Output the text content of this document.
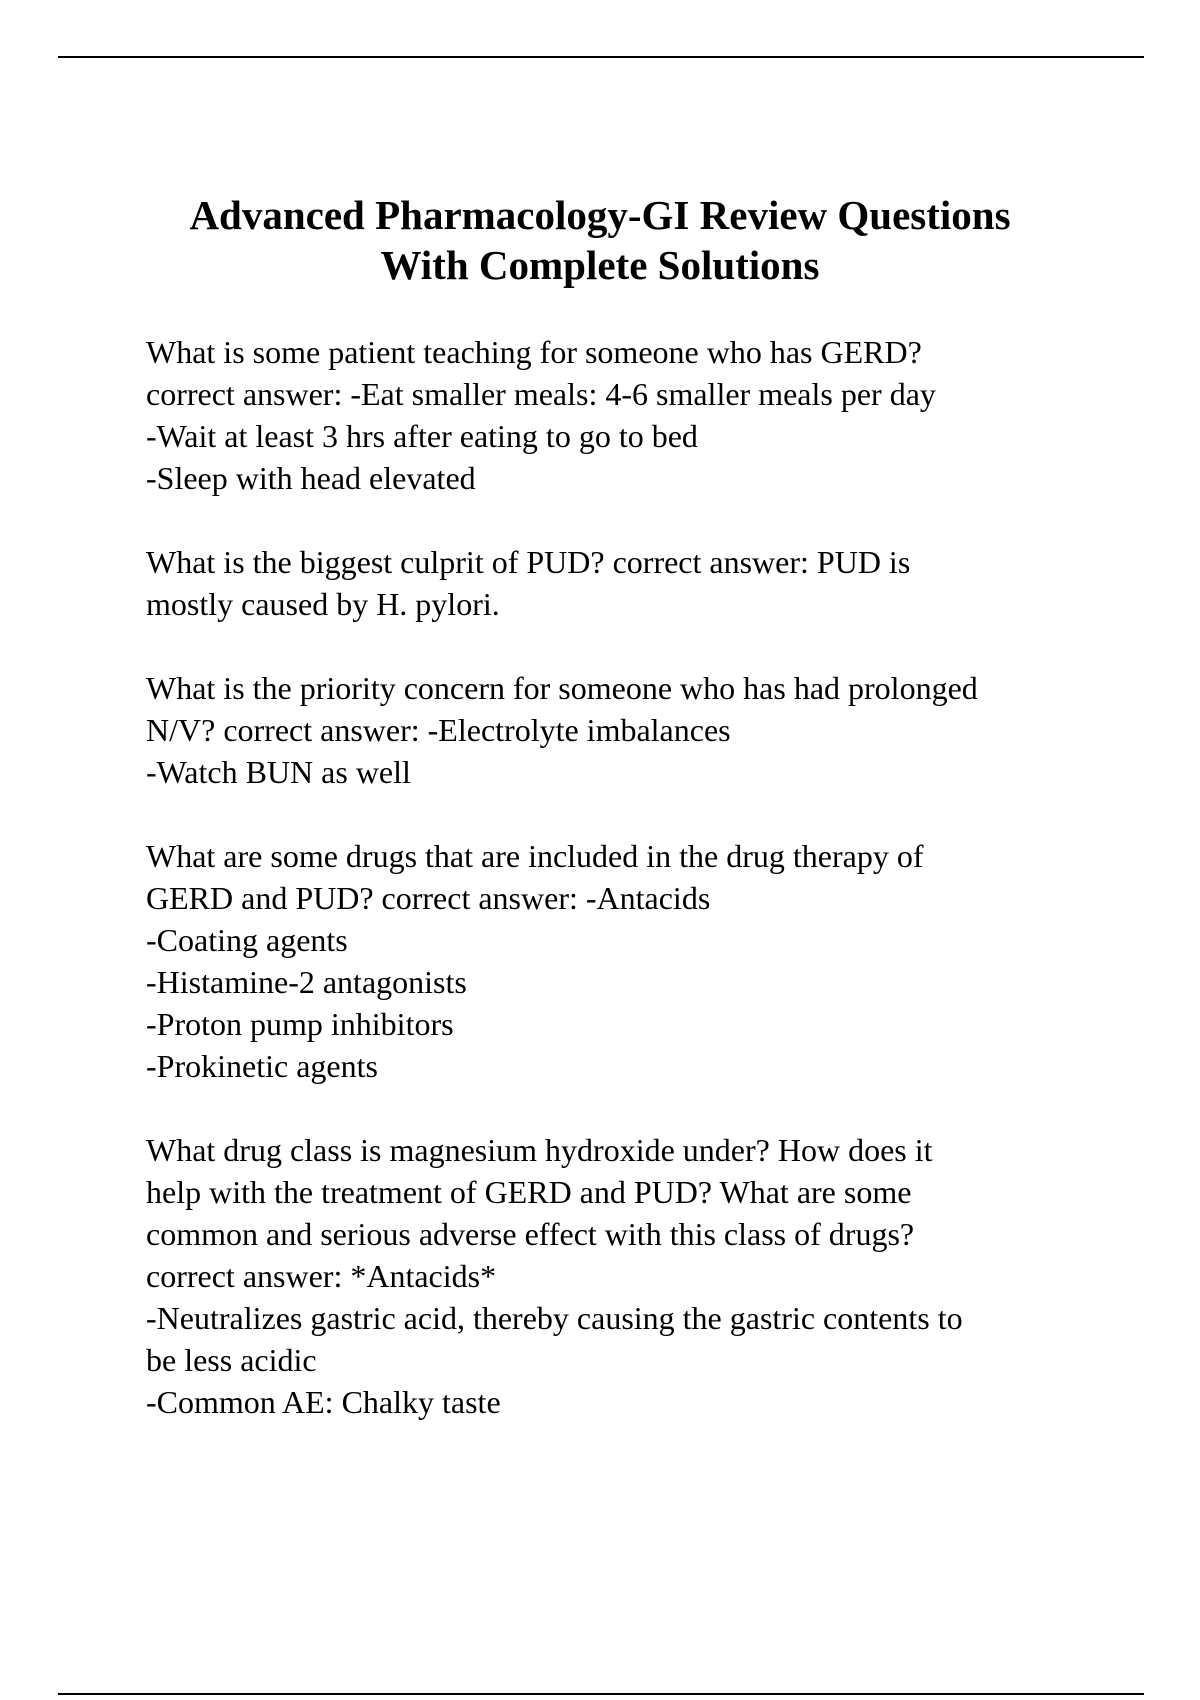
Advanced Pharmacology-GI Review Questions
With Complete Solutions

What is some patient teaching for someone who has GERD?
correct answer: -Eat smaller meals: 4-6 smaller meals per day
-Wait at least 3 hrs after eating to go to bed
-Sleep with head elevated

What is the biggest culprit of PUD? correct answer: PUD is
mostly caused by H. pylori.

What is the priority concern for someone who has had prolonged
N/V? correct answer: -Electrolyte imbalances
-Watch BUN as well

What are some drugs that are included in the drug therapy of
GERD and PUD? correct answer: -Antacids
-Coating agents
-Histamine-2 antagonists
-Proton pump inhibitors
-Prokinetic agents

What drug class is magnesium hydroxide under? How does it
help with the treatment of GERD and PUD? What are some
common and serious adverse effect with this class of drugs?
correct answer: *Antacids*
-Neutralizes gastric acid, thereby causing the gastric contents to
be less acidic
-Common AE: Chalky taste
